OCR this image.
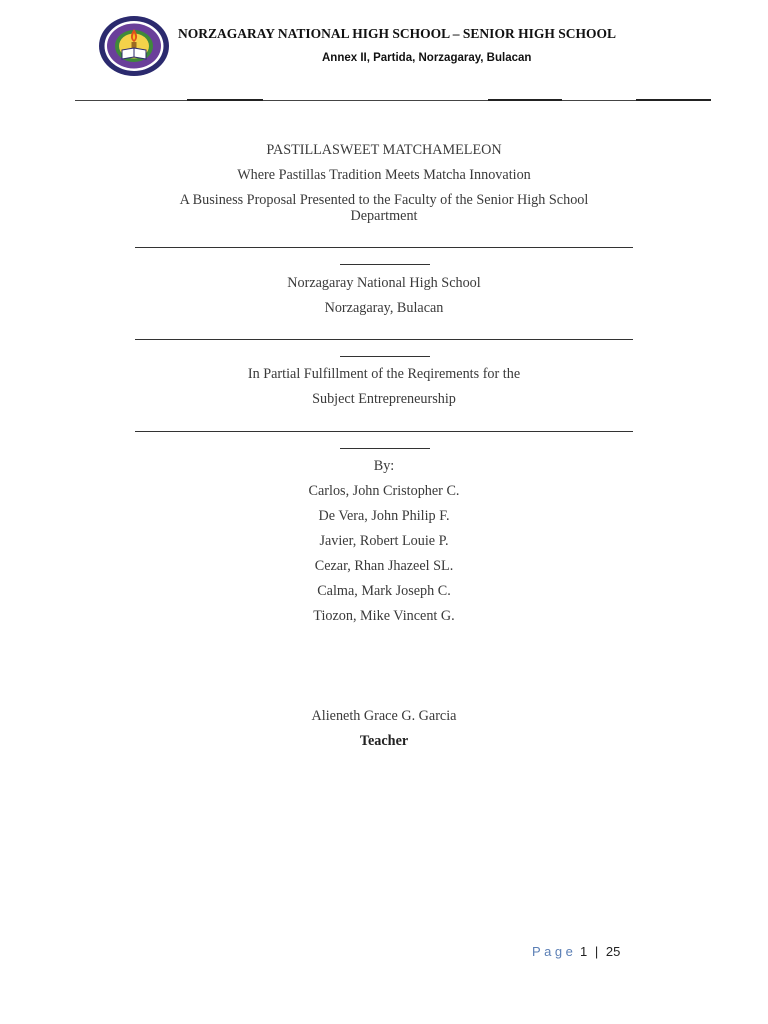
NORZAGARAY NATIONAL HIGH SCHOOL – SENIOR HIGH SCHOOL
Annex II, Partida, Norzagaray, Bulacan
PASTILLASWEET MATCHAMELEON
Where Pastillas Tradition Meets Matcha Innovation
A Business Proposal Presented to the Faculty of the Senior High School Department
Norzagaray National High School
Norzagaray, Bulacan
In Partial Fulfillment of the Reqirements for the
Subject Entrepreneurship
By:
Carlos, John Cristopher C.
De Vera, John Philip F.
Javier, Robert Louie P.
Cezar, Rhan Jhazeel SL.
Calma, Mark Joseph C.
Tiozon, Mike Vincent G.
Alieneth Grace G. Garcia
Teacher
Page 1 | 25
